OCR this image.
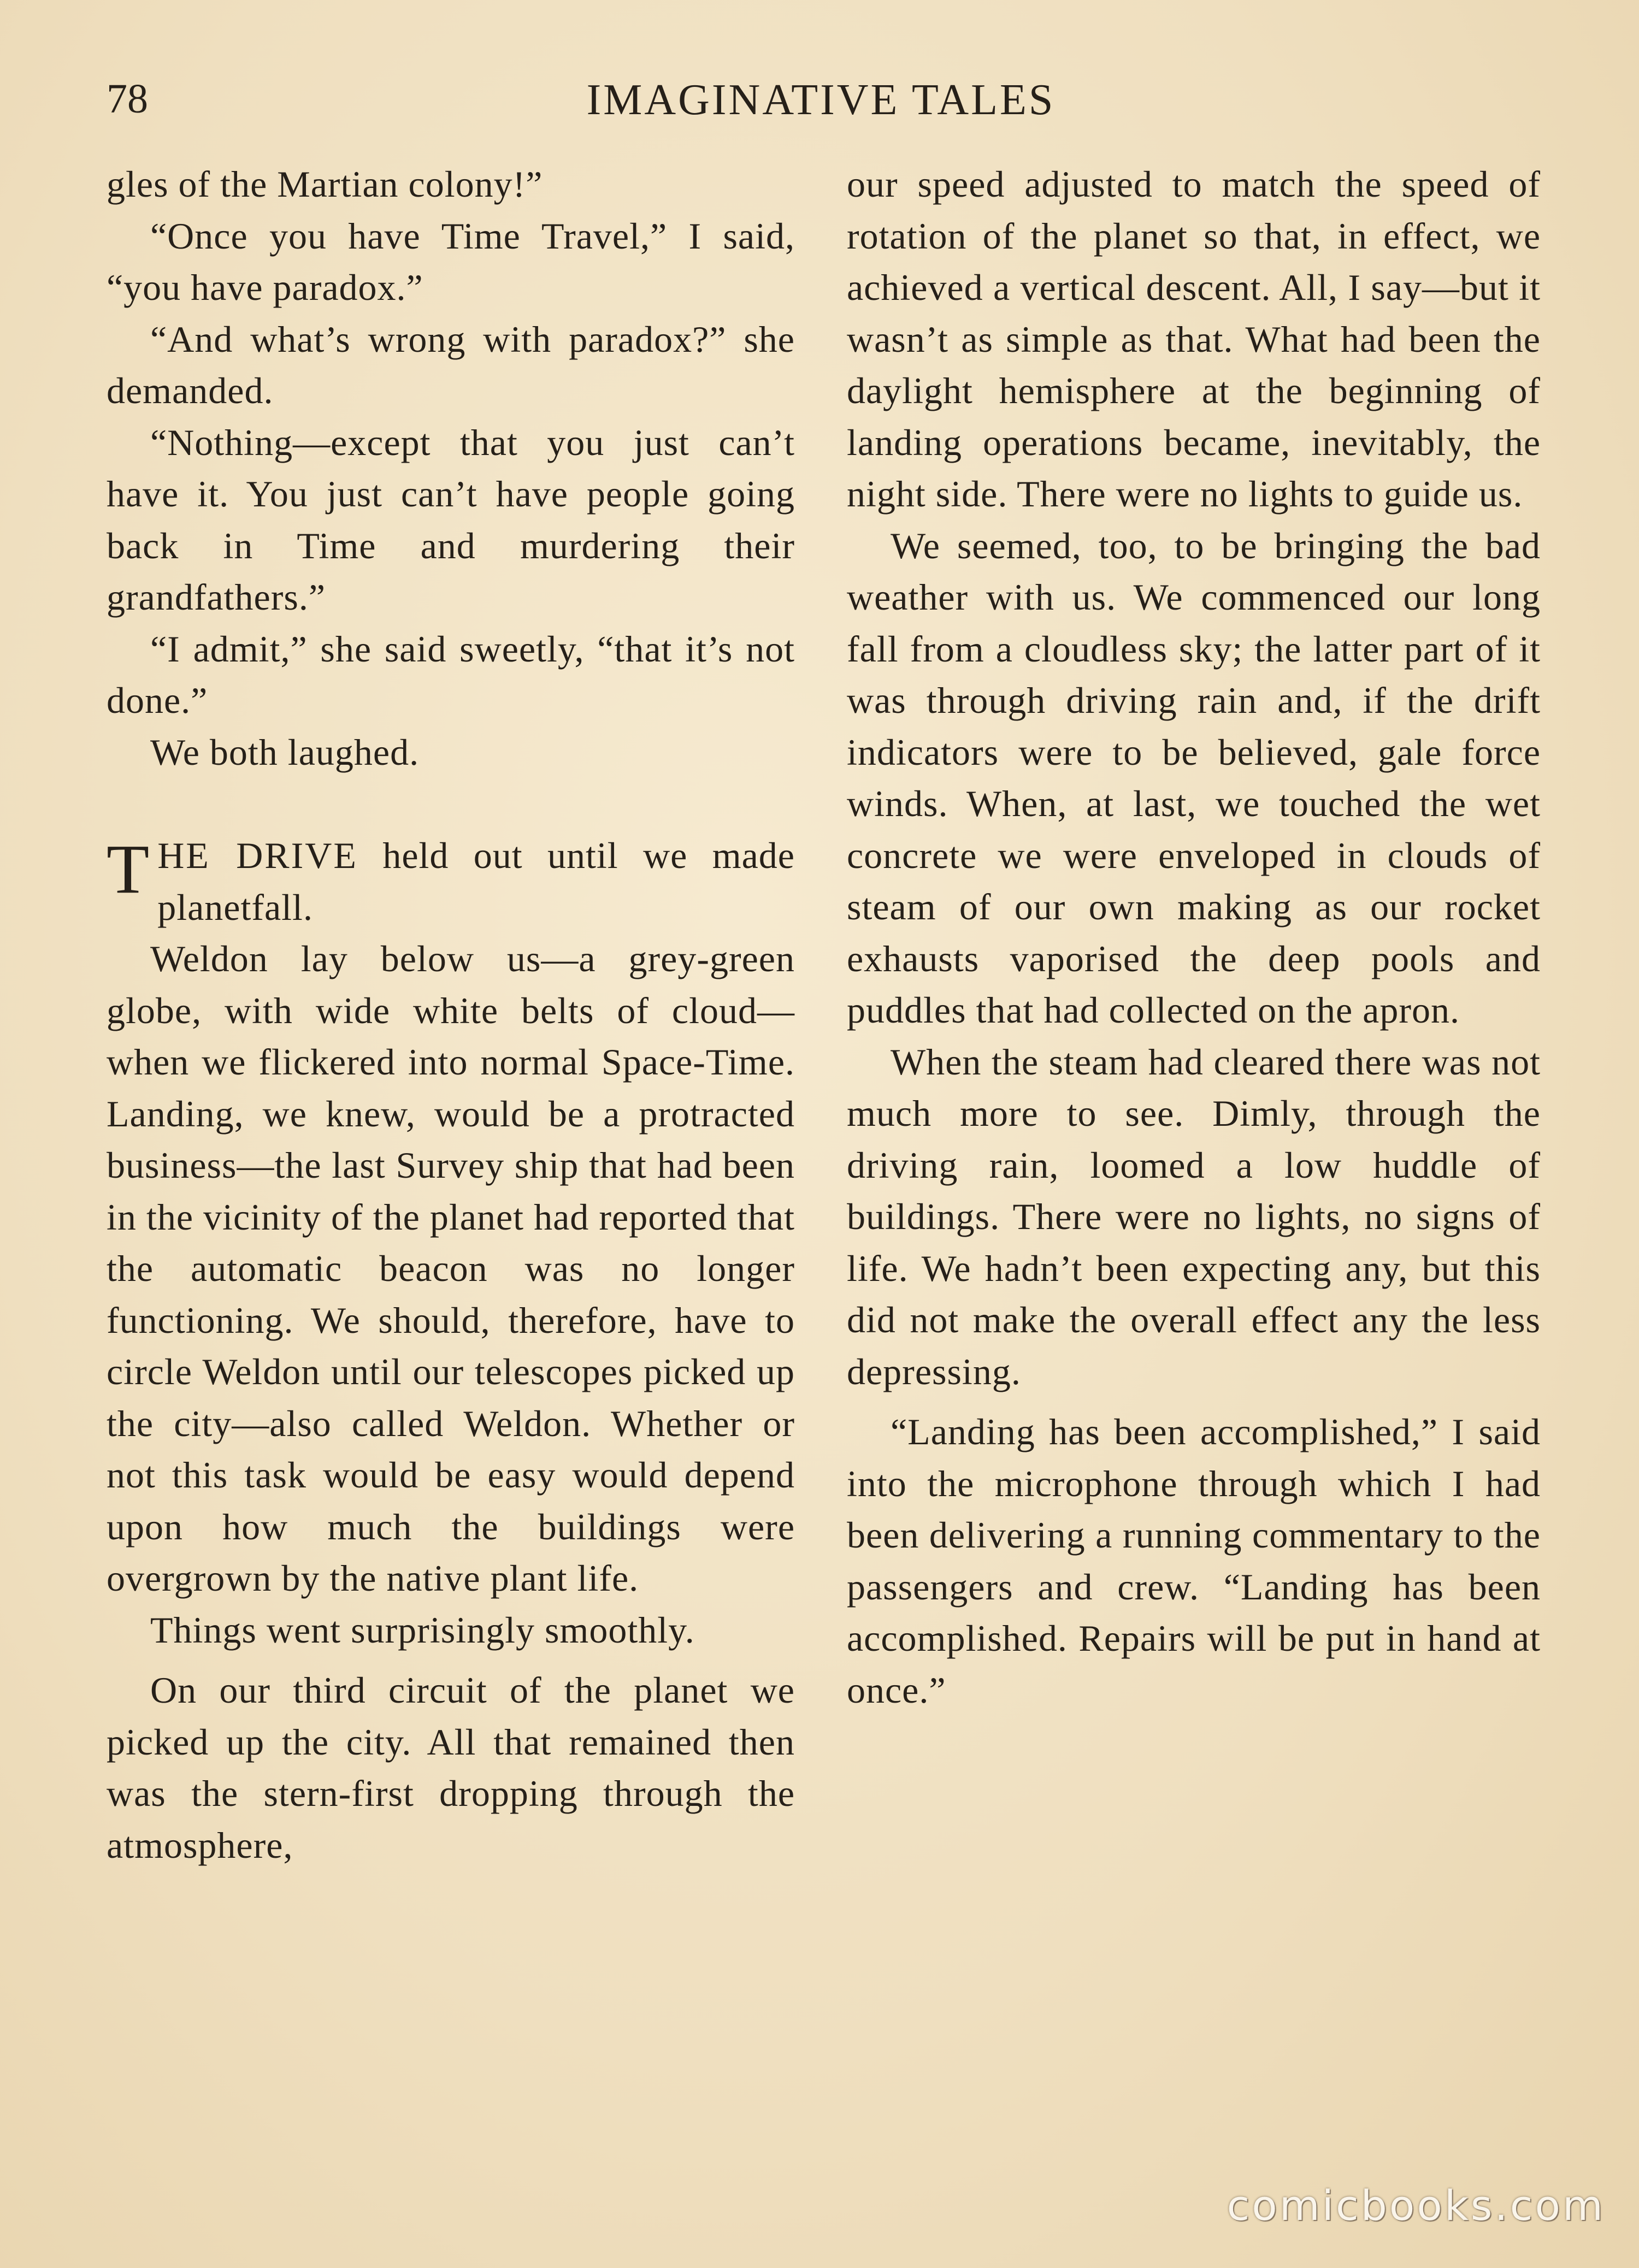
78	IMAGINATIVE TALES

gles of the Martian colony!”

“Once you have Time Travel,” I said, “you have paradox.”

“And what’s wrong with paradox?” she demanded.

“Nothing—except that you just can’t have it. You just can’t have people going back in Time and murdering their grandfathers.”

“I admit,” she said sweetly, “that it’s not done.”

We both laughed.

THE DRIVE held out until we made planetfall.

Weldon lay below us—a grey-green globe, with wide white belts of cloud—when we flickered into normal Space-Time. Landing, we knew, would be a protracted business—the last Survey ship that had been in the vicinity of the planet had reported that the automatic beacon was no longer functioning. We should, therefore, have to circle Weldon until our telescopes picked up the city—also called Weldon. Whether or not this task would be easy would depend upon how much the buildings were overgrown by the native plant life.

Things went surprisingly smoothly.

On our third circuit of the planet we picked up the city. All that remained then was the stern-first dropping through the atmosphere,

our speed adjusted to match the speed of rotation of the planet so that, in effect, we achieved a vertical descent. All, I say—but it wasn’t as simple as that. What had been the daylight hemisphere at the beginning of landing operations became, inevitably, the night side. There were no lights to guide us.

We seemed, too, to be bringing the bad weather with us. We commenced our long fall from a cloudless sky; the latter part of it was through driving rain and, if the drift indicators were to be believed, gale force winds. When, at last, we touched the wet concrete we were enveloped in clouds of steam of our own making as our rocket exhausts vaporised the deep pools and puddles that had collected on the apron.

When the steam had cleared there was not much more to see. Dimly, through the driving rain, loomed a low huddle of buildings. There were no lights, no signs of life. We hadn’t been expecting any, but this did not make the overall effect any the less depressing.

“Landing has been accomplished,” I said into the microphone through which I had been delivering a running commentary to the passengers and crew. “Landing has been accomplished. Repairs will be put in hand at once.”

comicbooks.com
